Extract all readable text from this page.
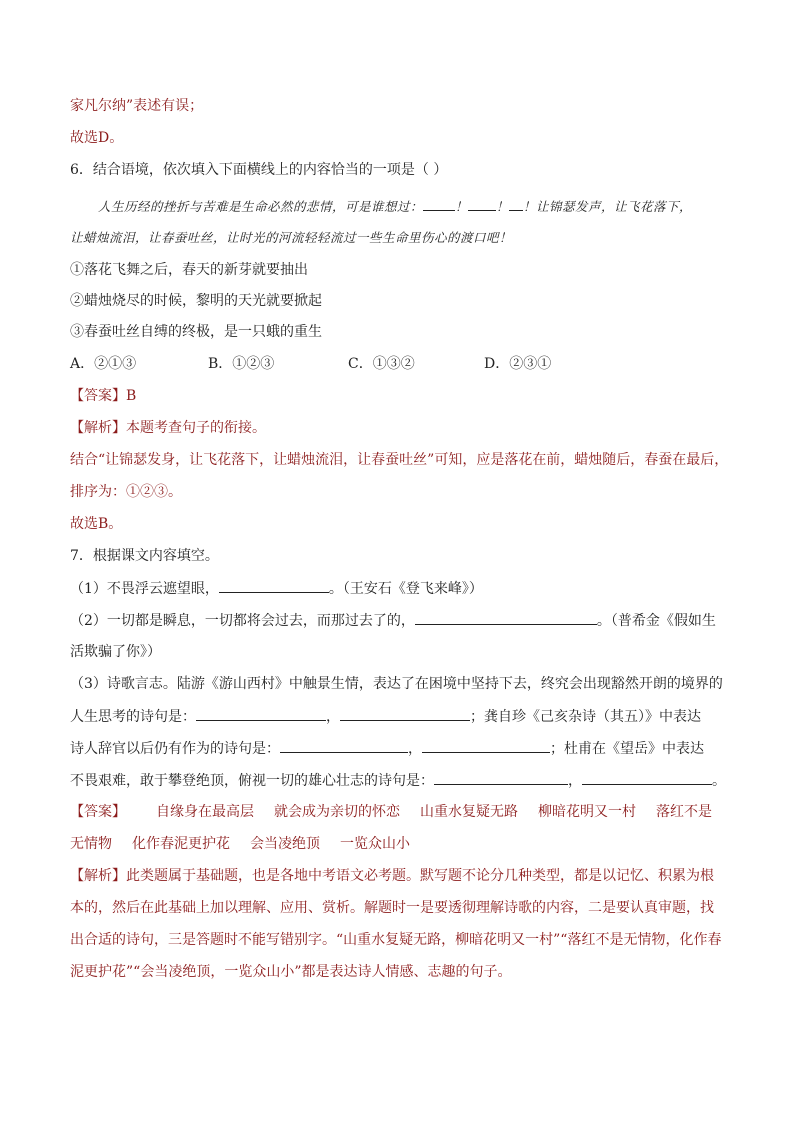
家凡尔纳”表述有误；
故选D。
6．结合语境，依次填入下面横线上的内容恰当的一项是（ ）
人生历经的挫折与苦难是生命必然的悲情，可是谁想过：	！ ！ ！让锦瑟发声，让飞花落下，
让蜡烛流泪，让春蚕吐丝，让时光的河流轻轻流过一些生命里伤心的渡口吧！
①落花飞舞之后，春天的新芽就要抽出
②蜡烛烧尽的时候，黎明的天光就要掀起
③春蚕吐丝自缚的终极，是一只蛾的重生
A．②①③	B．①②③	C．①③②	D．②③①
【答案】B
【解析】本题考查句子的衔接。
结合“让锦瑟发身，让飞花落下，让蜡烛流泪，让春蚕吐丝”可知，应是落花在前，蜡烛随后，春蚕在最后，
排序为：①②③。
故选B。
7．根据课文内容填空。
（1）不畏浮云遮望眼，	。（王安石《登飞来峰》）
（2）一切都是瞬息，一切都将会过去，而那过去了的，	。（普希金《假如生
活欺骗了你》）
（3）诗歌言志。陆游《游山西村》中触景生情，表达了在困境中坚持下去，终究会出现豁然开朗的境界的
人生思考的诗句是：	，	；龚自珍《己亥杂诗（其五）》中表达
诗人辞官以后仍有作为的诗句是：	，	；杜甫在《望岳》中表达
不畏艰难，敢于攀登绝顶，俯视一切的雄心壮志的诗句是：	，	。
【答案】 自缘身在最高层 就会成为亲切的怀恋 山重水复疑无路 柳暗花明又一村 落红不是
无情物 化作春泥更护花 会当凌绝顶 一览众山小
【解析】此类题属于基础题，也是各地中考语文必考题。默写题不论分几种类型，都是以记忆、积累为根
本的，然后在此基础上加以理解、应用、赏析。解题时一是要透彻理解诗歌的内容，二是要认真审题，找
出合适的诗句，三是答题时不能写错别字。“山重水复疑无路，柳暗花明又一村”“落红不是无情物，化作春
泥更护花”“会当凌绝顶，一览众山小”都是表达诗人情感、志趣的句子。
